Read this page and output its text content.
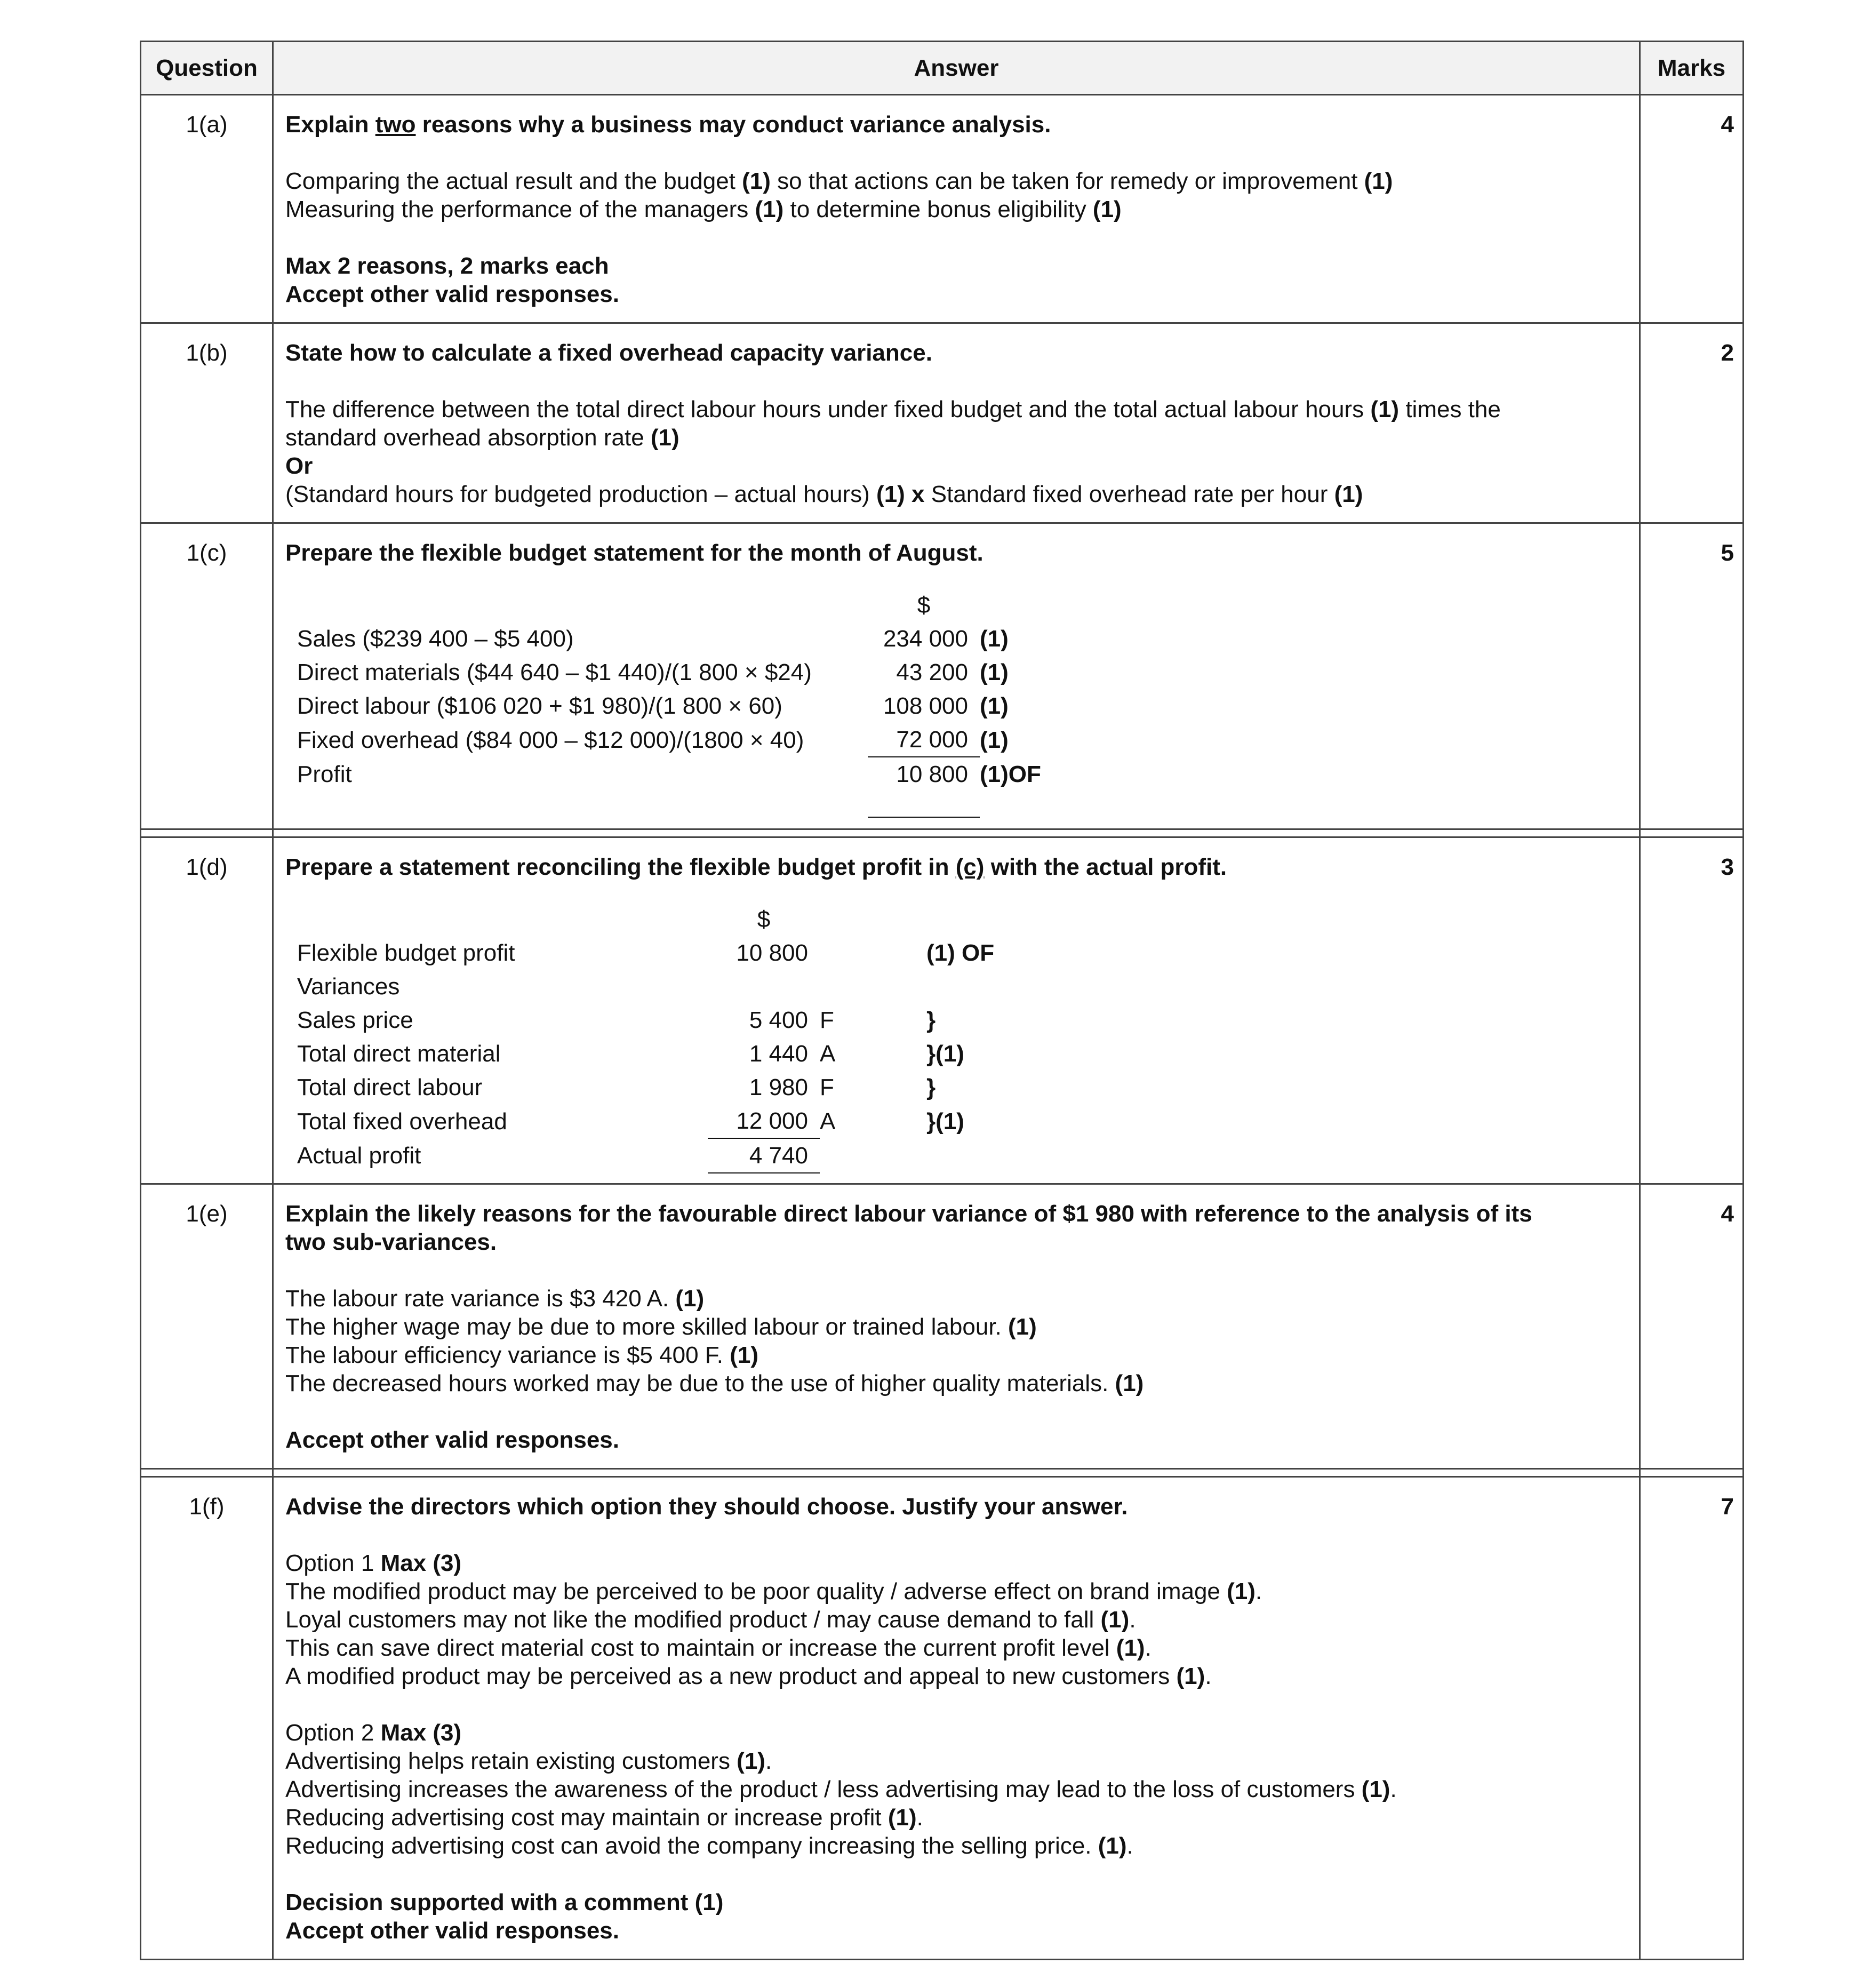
Question	Answer	Marks
1(a)	Explain two reasons why a business may conduct variance analysis.

Comparing the actual result and the budget (1) so that actions can be taken for remedy or improvement (1)

Measuring the performance of the managers (1) to determine bonus eligibility (1)

Max 2 reasons, 2 marks each

Accept other valid responses.

	4
1(b)	State how to calculate a fixed overhead capacity variance.

The difference between the total direct labour hours under fixed budget and the total actual labour hours (1) times the

standard overhead absorption rate (1)

Or

(Standard hours for budgeted production – actual hours) (1) x Standard fixed overhead rate per hour (1)

	2
1(c)	Prepare the flexible budget statement for the month of August.

	$	
Sales ($239 400 – $5 400)	234 000	(1)
Direct materials ($44 640 – $1 440)/(1 800 × $24)	43 200	(1)
Direct labour ($106 020 + $1 980)/(1 800 × 60)	108 000	(1)
Fixed overhead ($84 000 – $12 000)/(1800 × 40)	72 000	(1)
Profit	10 800	(1)OF

	5

1(d)	Prepare a statement reconciling the flexible budget profit in (c) with the actual profit.

	$		
Flexible budget profit	10 800		(1) OF
Variances			
Sales price	5 400	F	}
Total direct material	1 440	A	}(1)
Total direct labour	1 980	F	}
Total fixed overhead	12 000	A	}(1)
Actual profit	4 740		
	3
1(e)	Explain the likely reasons for the favourable direct labour variance of $1 980 with reference to the analysis of its

two sub-variances.

The labour rate variance is $3 420 A. (1)

The higher wage may be due to more skilled labour or trained labour. (1)

The labour efficiency variance is $5 400 F. (1)

The decreased hours worked may be due to the use of higher quality materials. (1)

Accept other valid responses.

	4

1(f)	Advise the directors which option they should choose. Justify your answer.

Option 1 Max (3)

The modified product may be perceived to be poor quality / adverse effect on brand image (1).

Loyal customers may not like the modified product / may cause demand to fall (1).

This can save direct material cost to maintain or increase the current profit level (1).

A modified product may be perceived as a new product and appeal to new customers (1).

Option 2 Max (3)

Advertising helps retain existing customers (1).

Advertising increases the awareness of the product / less advertising may lead to the loss of customers (1).

Reducing advertising cost may maintain or increase profit (1).

Reducing advertising cost can avoid the company increasing the selling price. (1).

Decision supported with a comment (1)

Accept other valid responses.

	7
